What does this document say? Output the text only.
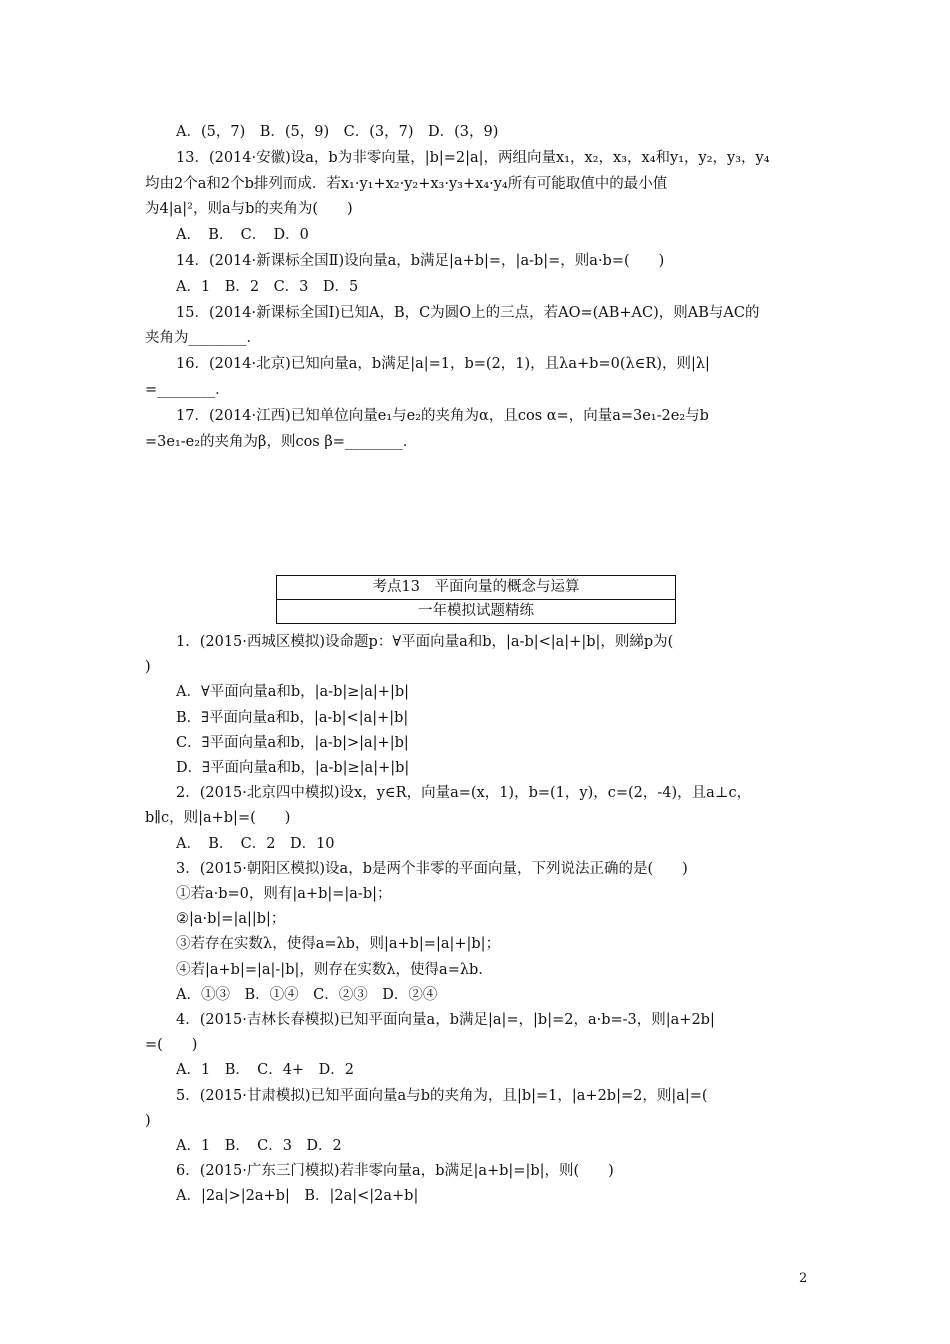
A．(5，7)　B．(5，9)　C．(3，7)　D．(3，9)
13．(2014·安徽)设a，b为非零向量，|b|=2|a|，两组向量x₁，x₂，x₃，x₄和y₁，y₂，y₃，y₄
均由2个a和2个b排列而成．若x₁·y₁+x₂·y₂+x₃·y₃+x₄·y₄所有可能取值中的最小值
为4|a|²，则a与b的夹角为(　　)
A．　B．　C．　D．0
14．(2014·新课标全国Ⅱ)设向量a，b满足|a+b|=，|a-b|=，则a·b=(　　)
A．1　B．2　C．3　D．5
15．(2014·新课标全国Ⅰ)已知A，B，C为圆O上的三点，若AO=(AB+AC)，则AB与AC的
夹角为________．
16．(2014·北京)已知向量a，b满足|a|=1，b=(2，1)，且λa+b=0(λ∈R)，则|λ|
=________．
17．(2014·江西)已知单位向量e₁与e₂的夹角为α，且cos α=，向量a=3e₁-2e₂与b
=3e₁-e₂的夹角为β，则cos β=________．
考点13　平面向量的概念与运算
一年模拟试题精练
1．(2015·西城区模拟)设命题p：∀平面向量a和b，|a-b|<|a|+|b|，则綈p为(
)
A．∀平面向量a和b，|a-b|≥|a|+|b|
B．∃平面向量a和b，|a-b|<|a|+|b|
C．∃平面向量a和b，|a-b|>|a|+|b|
D．∃平面向量a和b，|a-b|≥|a|+|b|
2．(2015·北京四中模拟)设x，y∈R，向量a=(x，1)，b=(1，y)，c=(2，-4)，且a⊥c，
b∥c，则|a+b|=(　　)
A．　B．　C．2　D．10
3．(2015·朝阳区模拟)设a，b是两个非零的平面向量，下列说法正确的是(　　)
①若a·b=0，则有|a+b|=|a-b|；
②|a·b|=|a||b|；
③若存在实数λ，使得a=λb，则|a+b|=|a|+|b|；
④若|a+b|=|a|-|b|，则存在实数λ，使得a=λb．
A．①③　B．①④　C．②③　D．②④
4．(2015·吉林长春模拟)已知平面向量a，b满足|a|=，|b|=2，a·b=-3，则|a+2b|
=(　　)
A．1　B．　C．4+　D．2
5．(2015·甘肃模拟)已知平面向量a与b的夹角为，且|b|=1，|a+2b|=2，则|a|=(
)
A．1　B．　C．3　D．2
6．(2015·广东三门模拟)若非零向量a，b满足|a+b|=|b|，则(　　)
A．|2a|>|2a+b|　B．|2a|<|2a+b|
2
